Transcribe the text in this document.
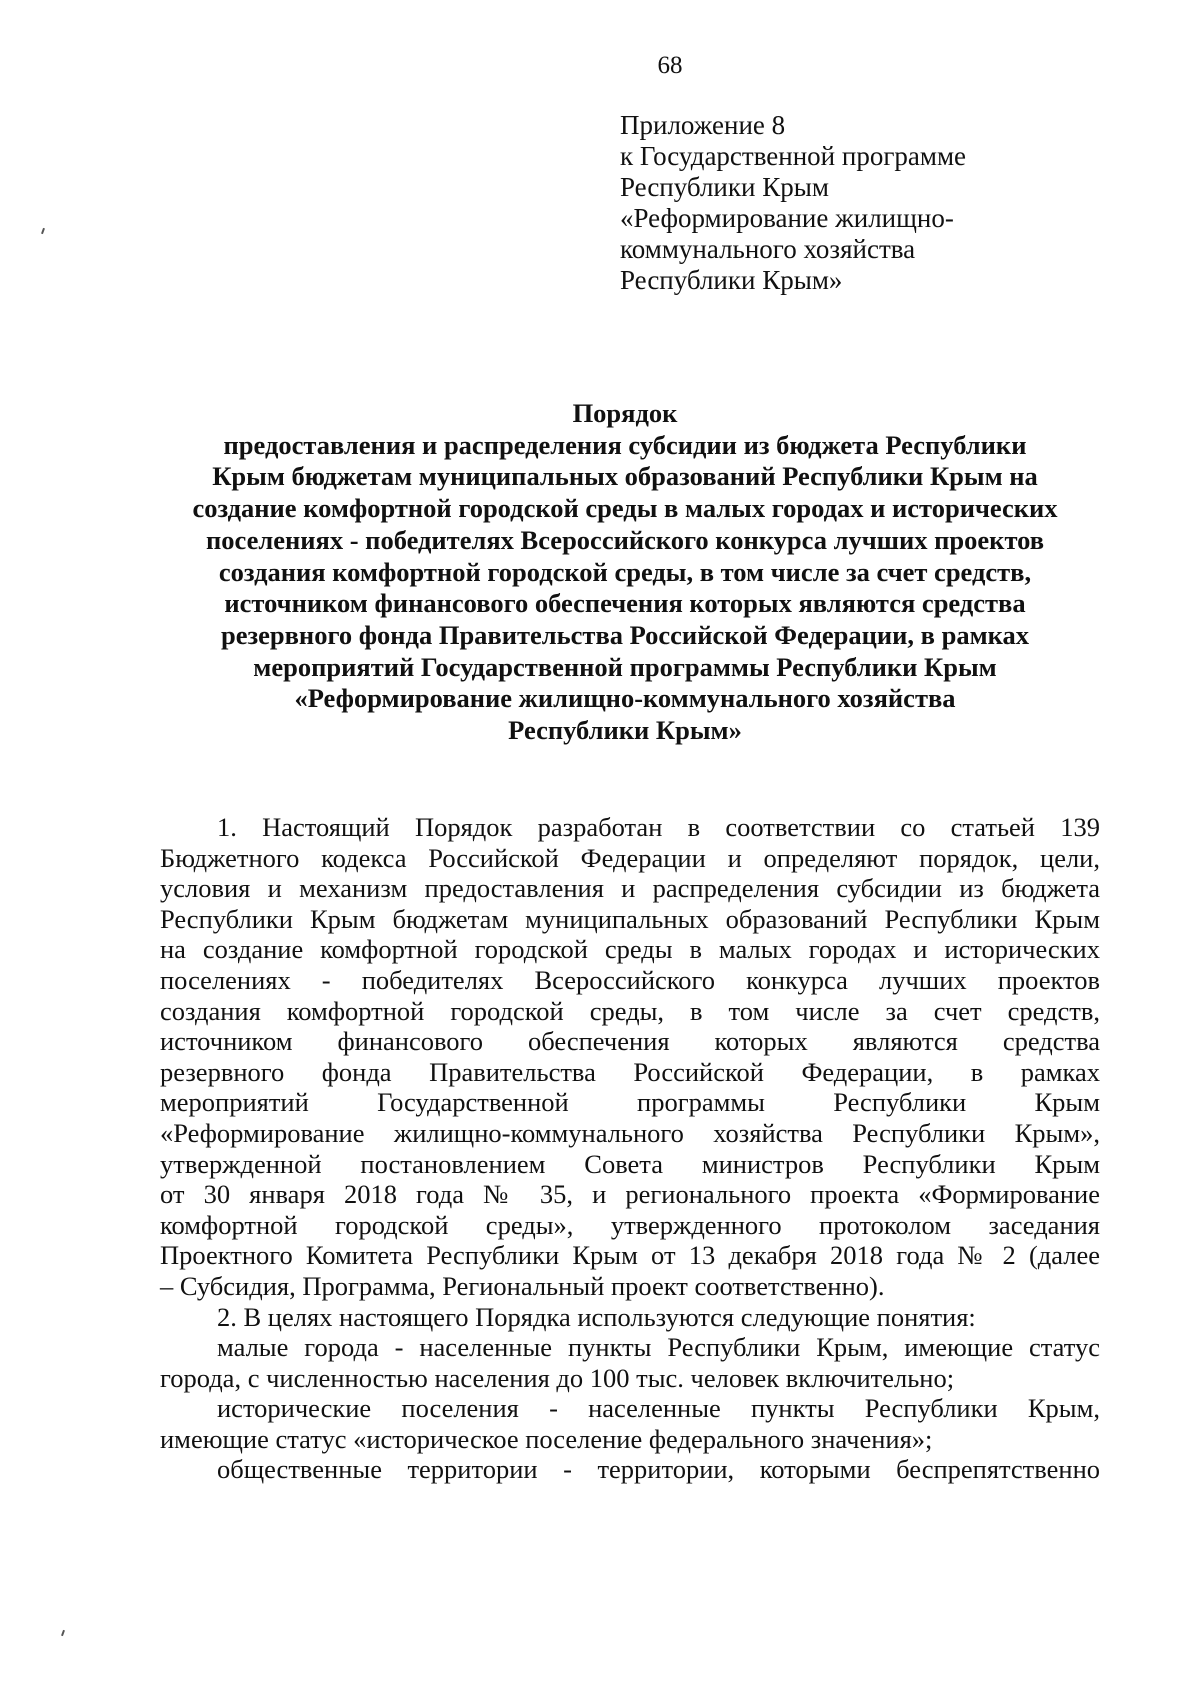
68
Приложение 8
к Государственной программе
Республики Крым
«Реформирование жилищно-
коммунального хозяйства
Республики Крым»
Порядок
предоставления и распределения субсидии из бюджета Республики
Крым бюджетам муниципальных образований Республики Крым на
создание комфортной городской среды в малых городах и исторических
поселениях - победителях Всероссийского конкурса лучших проектов
создания комфортной городской среды, в том числе за счет средств,
источником финансового обеспечения которых являются средства
резервного фонда Правительства Российской Федерации, в рамках
мероприятий Государственной программы Республики Крым
«Реформирование жилищно-коммунального хозяйства
Республики Крым»
1. Настоящий Порядок разработан в соответствии со статьей 139
Бюджетного кодекса Российской Федерации и определяют порядок, цели,
условия и механизм предоставления и распределения субсидии из бюджета
Республики Крым бюджетам муниципальных образований Республики Крым
на создание комфортной городской среды в малых городах и исторических
поселениях - победителях Всероссийского конкурса лучших проектов
создания комфортной городской среды, в том числе за счет средств,
источником финансового обеспечения которых являются средства
резервного фонда Правительства Российской Федерации, в рамках
мероприятий Государственной программы Республики Крым
«Реформирование жилищно-коммунального хозяйства Республики Крым»,
утвержденной постановлением Совета министров Республики Крым
от 30 января 2018 года № 35, и регионального проекта «Формирование
комфортной городской среды», утвержденного протоколом заседания
Проектного Комитета Республики Крым от 13 декабря 2018 года № 2 (далее
– Субсидия, Программа, Региональный проект соответственно).
2. В целях настоящего Порядка используются следующие понятия:
малые города - населенные пункты Республики Крым, имеющие статус
города, с численностью населения до 100 тыс. человек включительно;
исторические поселения - населенные пункты Республики Крым,
имеющие статус «историческое поселение федерального значения»;
общественные территории - территории, которыми беспрепятственно
